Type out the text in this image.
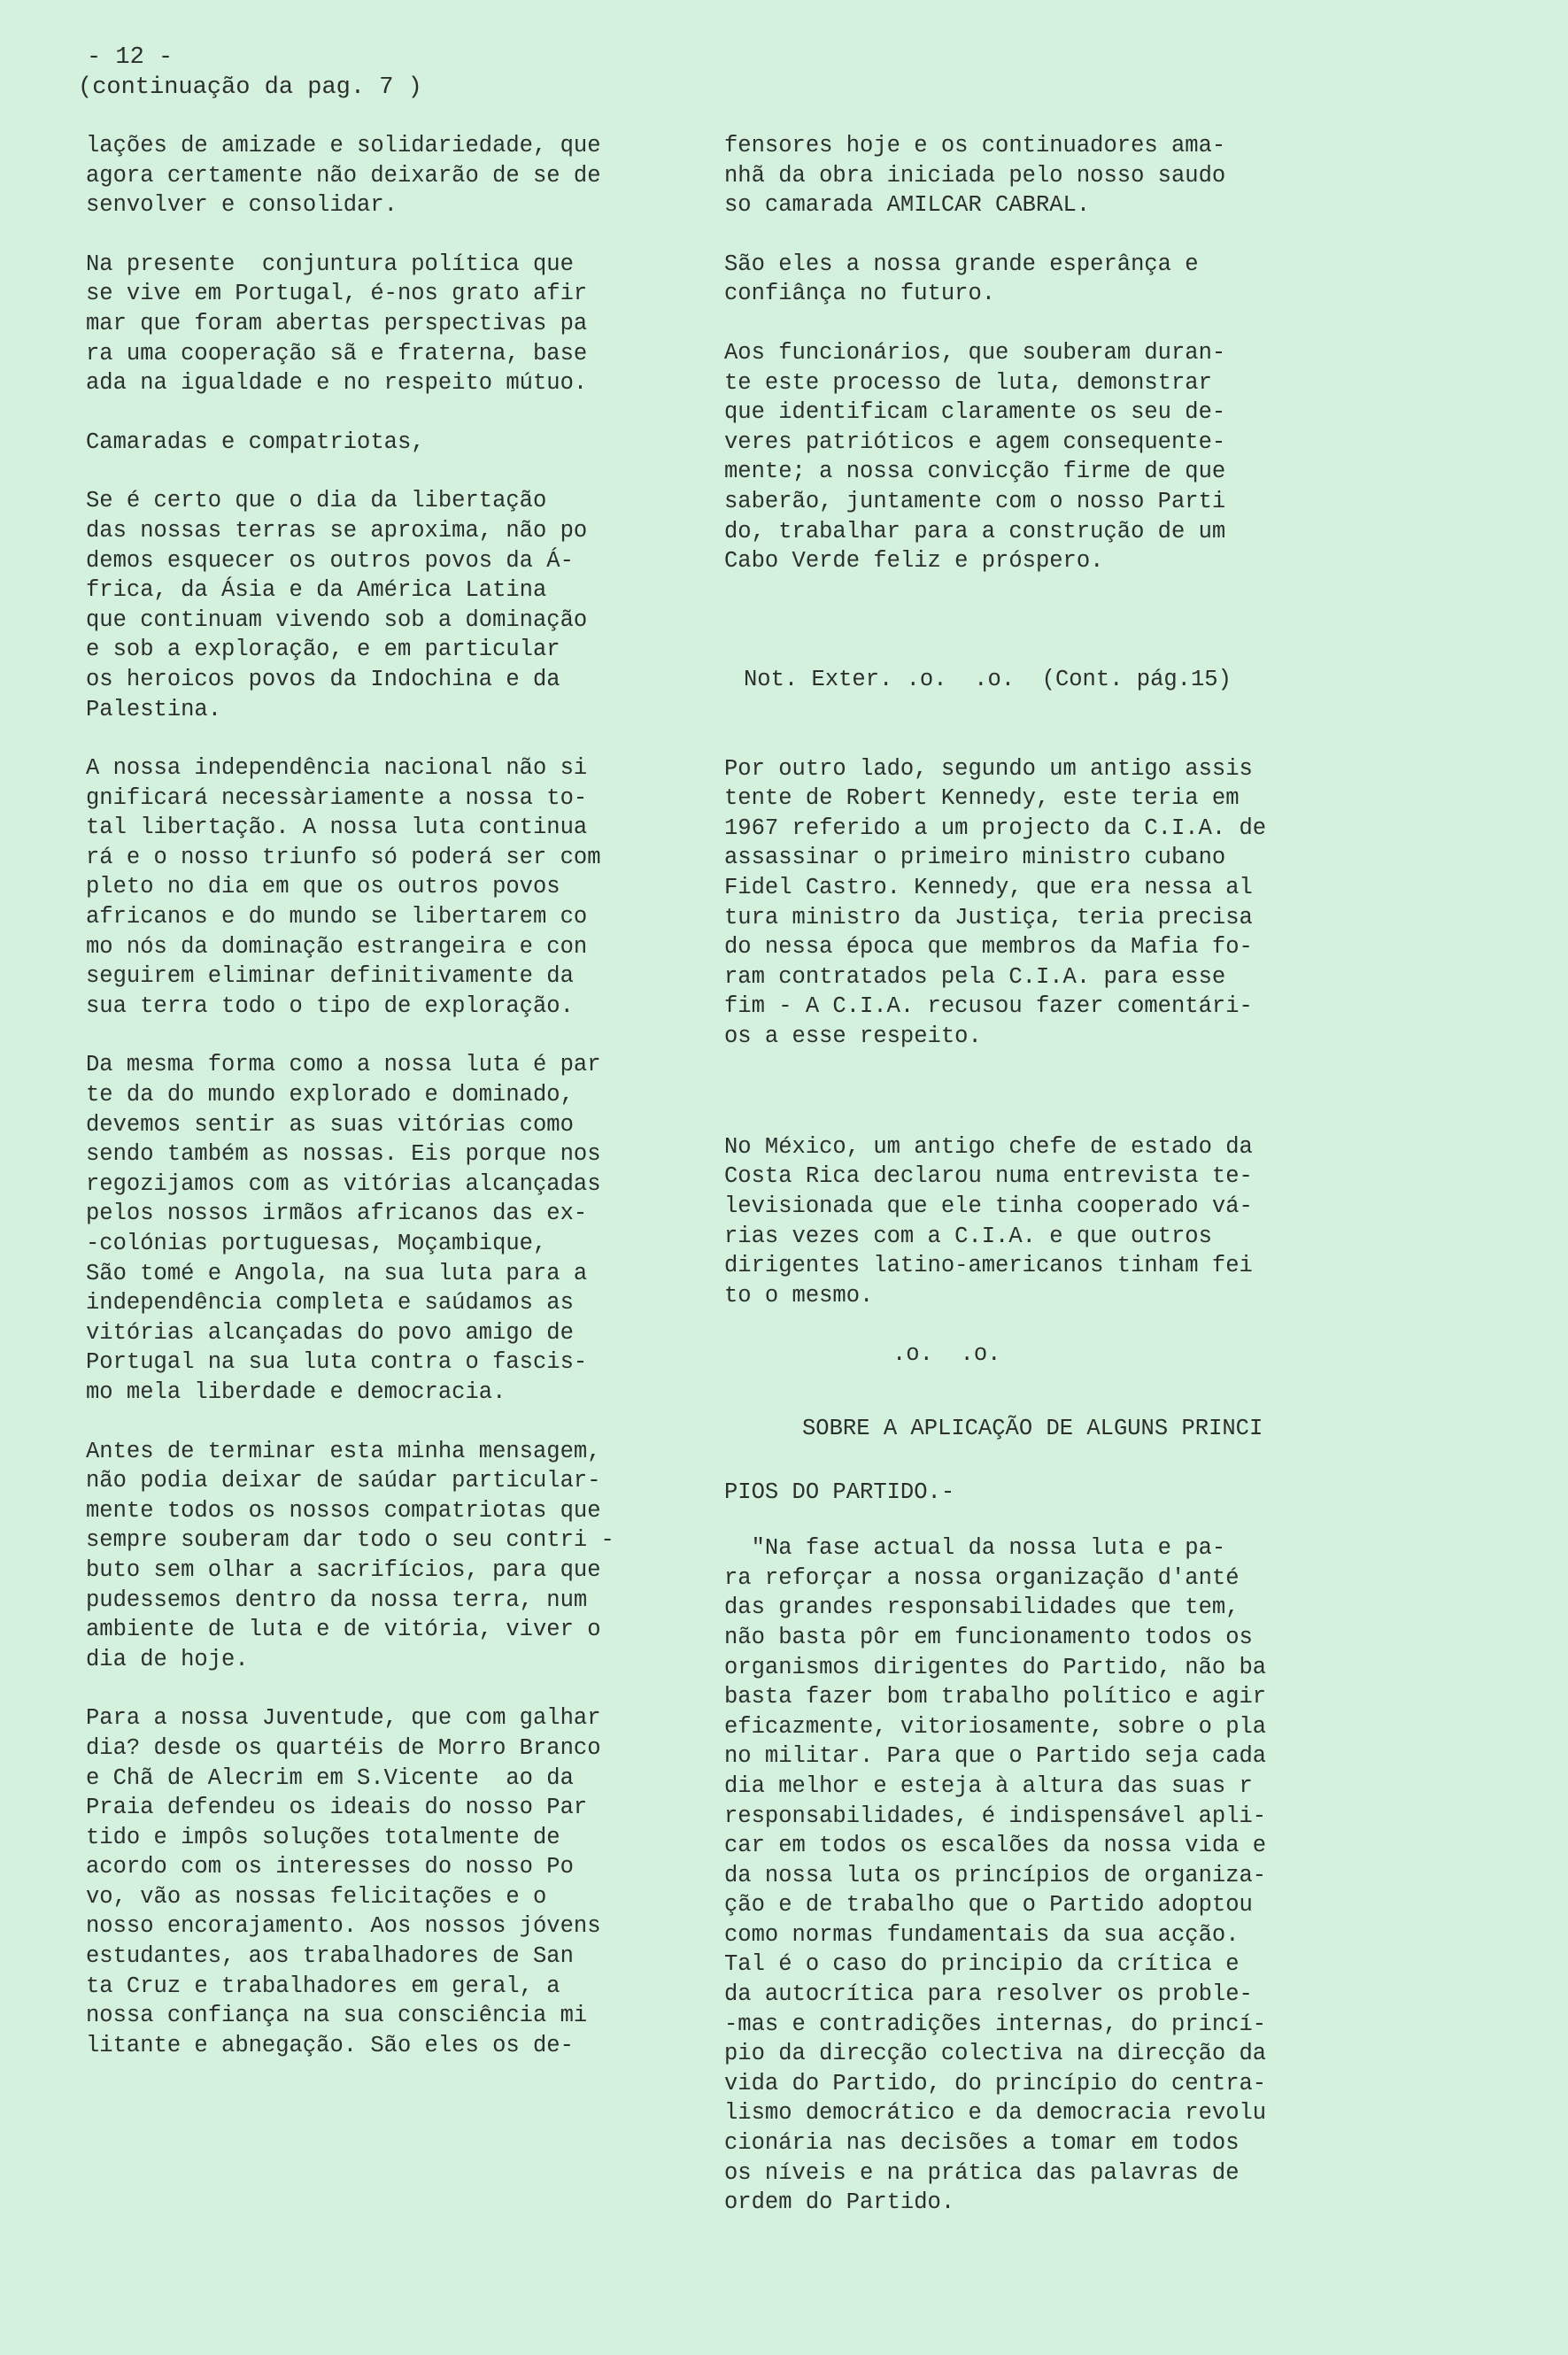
- 12 -
(continuação da pag. 7 )
lações de amizade e solidariedade, que
agora certamente não deixarão de se de
senvolver e consolidar.
Na presente  conjuntura política que
se vive em Portugal, é-nos grato afir
mar que foram abertas perspectivas pa
ra uma cooperação sã e fraterna, base
ada na igualdade e no respeito mútuo.
Camaradas e compatriotas,
Se é certo que o dia da libertação
das nossas terras se aproxima, não po
demos esquecer os outros povos da Á-
frica, da Ásia e da América Latina
que continuam vivendo sob a dominação
e sob a exploração, e em particular
os heroicos povos da Indochina e da
Palestina.
A nossa independência nacional não si
gnificará necessàriamente a nossa to-
tal libertação. A nossa luta continua
rá e o nosso triunfo só poderá ser com
pleto no dia em que os outros povos
africanos e do mundo se libertarem co
mo nós da dominação estrangeira e con
seguirem eliminar definitivamente da
sua terra todo o tipo de exploração.
Da mesma forma como a nossa luta é par
te da do mundo explorado e dominado,
devemos sentir as suas vitórias como
sendo também as nossas. Eis porque nos
regozijamos com as vitórias alcançadas
pelos nossos irmãos africanos das ex-
-colónias portuguesas, Moçambique,
São tomé e Angola, na sua luta para a
independência completa e saúdamos as
vitórias alcançadas do povo amigo de
Portugal na sua luta contra o fascis-
mo mela liberdade e democracia.
Antes de terminar esta minha mensagem,
não podia deixar de saúdar particular-
mente todos os nossos compatriotas que
sempre souberam dar todo o seu contri -
buto sem olhar a sacrifícios, para que
pudessemos dentro da nossa terra, num
ambiente de luta e de vitória, viver o
dia de hoje.
Para a nossa Juventude, que com galhar
dia? desde os quartéis de Morro Branco
e Chã de Alecrim em S.Vicente  ao da
Praia defendeu os ideais do nosso Par
tido e impôs soluções totalmente de
acordo com os interesses do nosso Po
vo, vão as nossas felicitações e o
nosso encorajamento. Aos nossos jóvens
estudantes, aos trabalhadores de San
ta Cruz e trabalhadores em geral, a
nossa confiança na sua consciência mi
litante e abnegação. São eles os de-
fensores hoje e os continuadores ama-
nhã da obra iniciada pelo nosso saudo
so camarada AMILCAR CABRAL.
São eles a nossa grande esperânça e
confiânça no futuro.
Aos funcionários, que souberam duran-
te este processo de luta, demonstrar
que identificam claramente os seu de-
veres patrióticos e agem consequente-
mente; a nossa convicção firme de que
saberão, juntamente com o nosso Parti
do, trabalhar para a construção de um
Cabo Verde feliz e próspero.

Not. Exter. .o.  .o.  (Cont. pág.15)

Por outro lado, segundo um antigo assis
tente de Robert Kennedy, este teria em
1967 referido a um projecto da C.I.A. de
assassinar o primeiro ministro cubano
Fidel Castro. Kennedy, que era nessa al
tura ministro da Justiça, teria precisa
do nessa época que membros da Mafia fo-
ram contratados pela C.I.A. para esse
fim - A C.I.A. recusou fazer comentári-
os a esse respeito.

No México, um antigo chefe de estado da
Costa Rica declarou numa entrevista te-
levisionada que ele tinha cooperado vá-
rias vezes com a C.I.A. e que outros
dirigentes latino-americanos tinham fei
to o mesmo.
.o.  .o.
SOBRE A APLICAÇÃO DE ALGUNS PRINCI
PIOS DO PARTIDO.-
"Na fase actual da nossa luta e pa-
ra reforçar a nossa organização d'anté
das grandes responsabilidades que tem,
não basta pôr em funcionamento todos os
organismos dirigentes do Partido, não ba
basta fazer bom trabalho político e agir
eficazmente, vitoriosamente, sobre o pla
no militar. Para que o Partido seja cada
dia melhor e esteja à altura das suas r
responsabilidades, é indispensável apli-
car em todos os escalões da nossa vida e
da nossa luta os princípios de organiza-
ção e de trabalho que o Partido adoptou
como normas fundamentais da sua acção.
Tal é o caso do principio da crítica e
da autocrítica para resolver os proble-
-mas e contradições internas, do princí-
pio da direcção colectiva na direcção da
vida do Partido, do princípio do centra-
lismo democrático e da democracia revolu
cionária nas decisões a tomar em todos
os níveis e na prática das palavras de
ordem do Partido.
